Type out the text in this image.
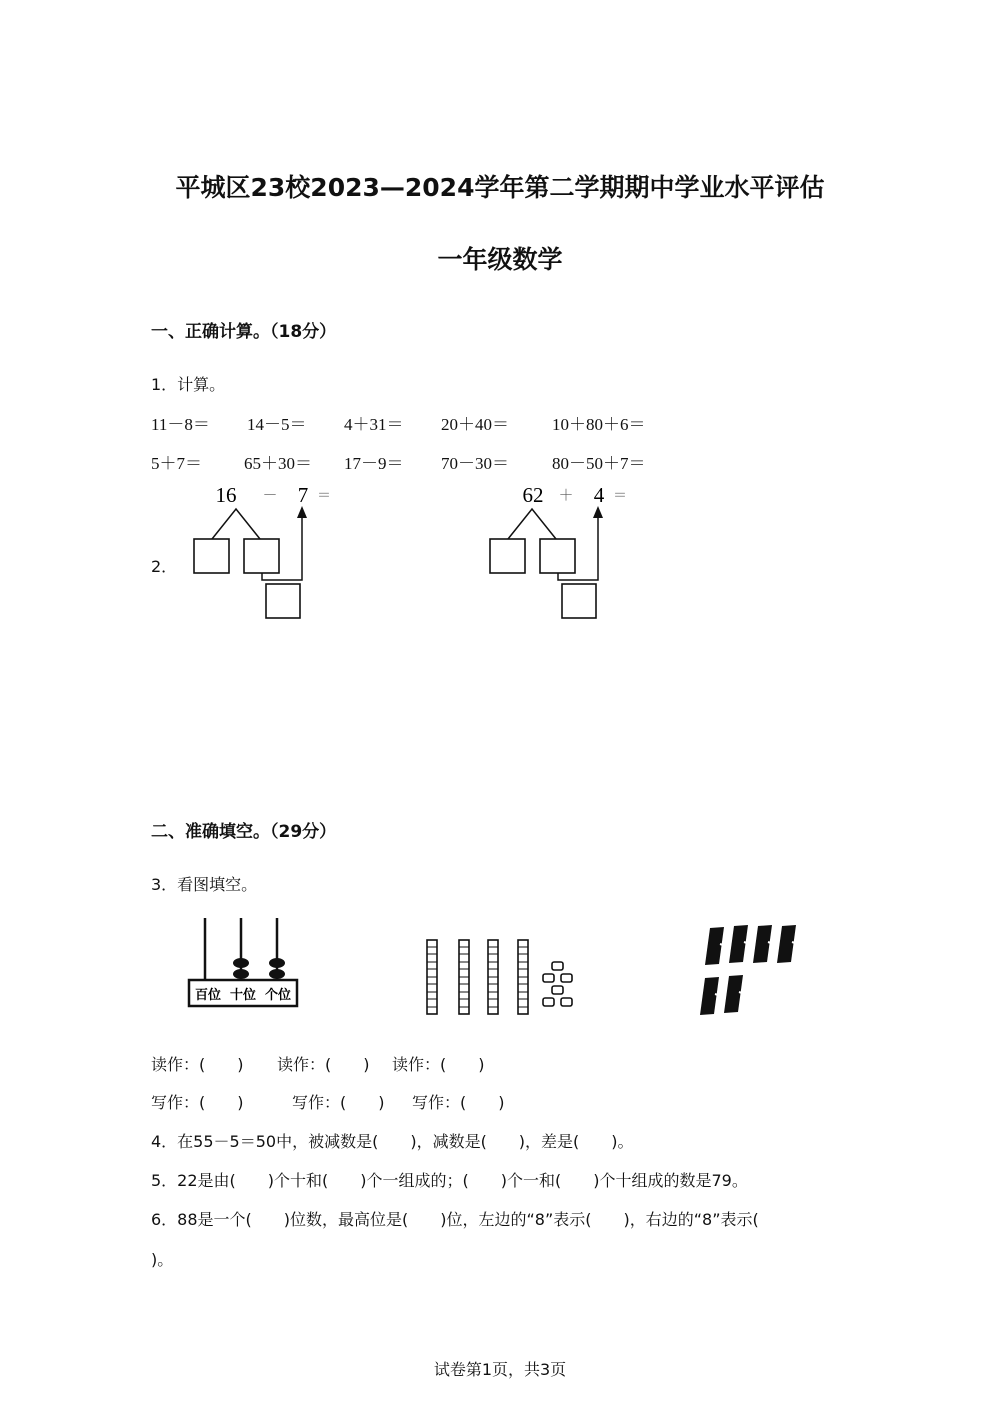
平城区23校2023—2024学年第二学期期中学业水平评估
一年级数学
一、正确计算。（18分）
1．计算。
11－8＝ 14－5＝ 4＋31＝ 20＋40＝	10＋80＋6＝
5＋7＝ 65＋30＝ 17－9＝ 70－30＝	80－50＋7＝
2．
16 － 7 ＝	62 ＋ 4 ＝
二、准确填空。（29分）
3．看图填空。
百位 十位 个位
读作：(　　) 读作：(　　) 读作：(　　)
写作：(　　)	写作：(　　) 写作：(　　)
4．在55－5＝50中，被减数是(　　)，减数是(　　)，差是(　　)。
5．22是由(　　)个十和(　　)个一组成的；(　　)个一和(　　)个十组成的数是79。
6．88是一个(　　)位数，最高位是(　　)位，左边的“8”表示(　　)，右边的“8”表示(
)。
试卷第1页，共3页
